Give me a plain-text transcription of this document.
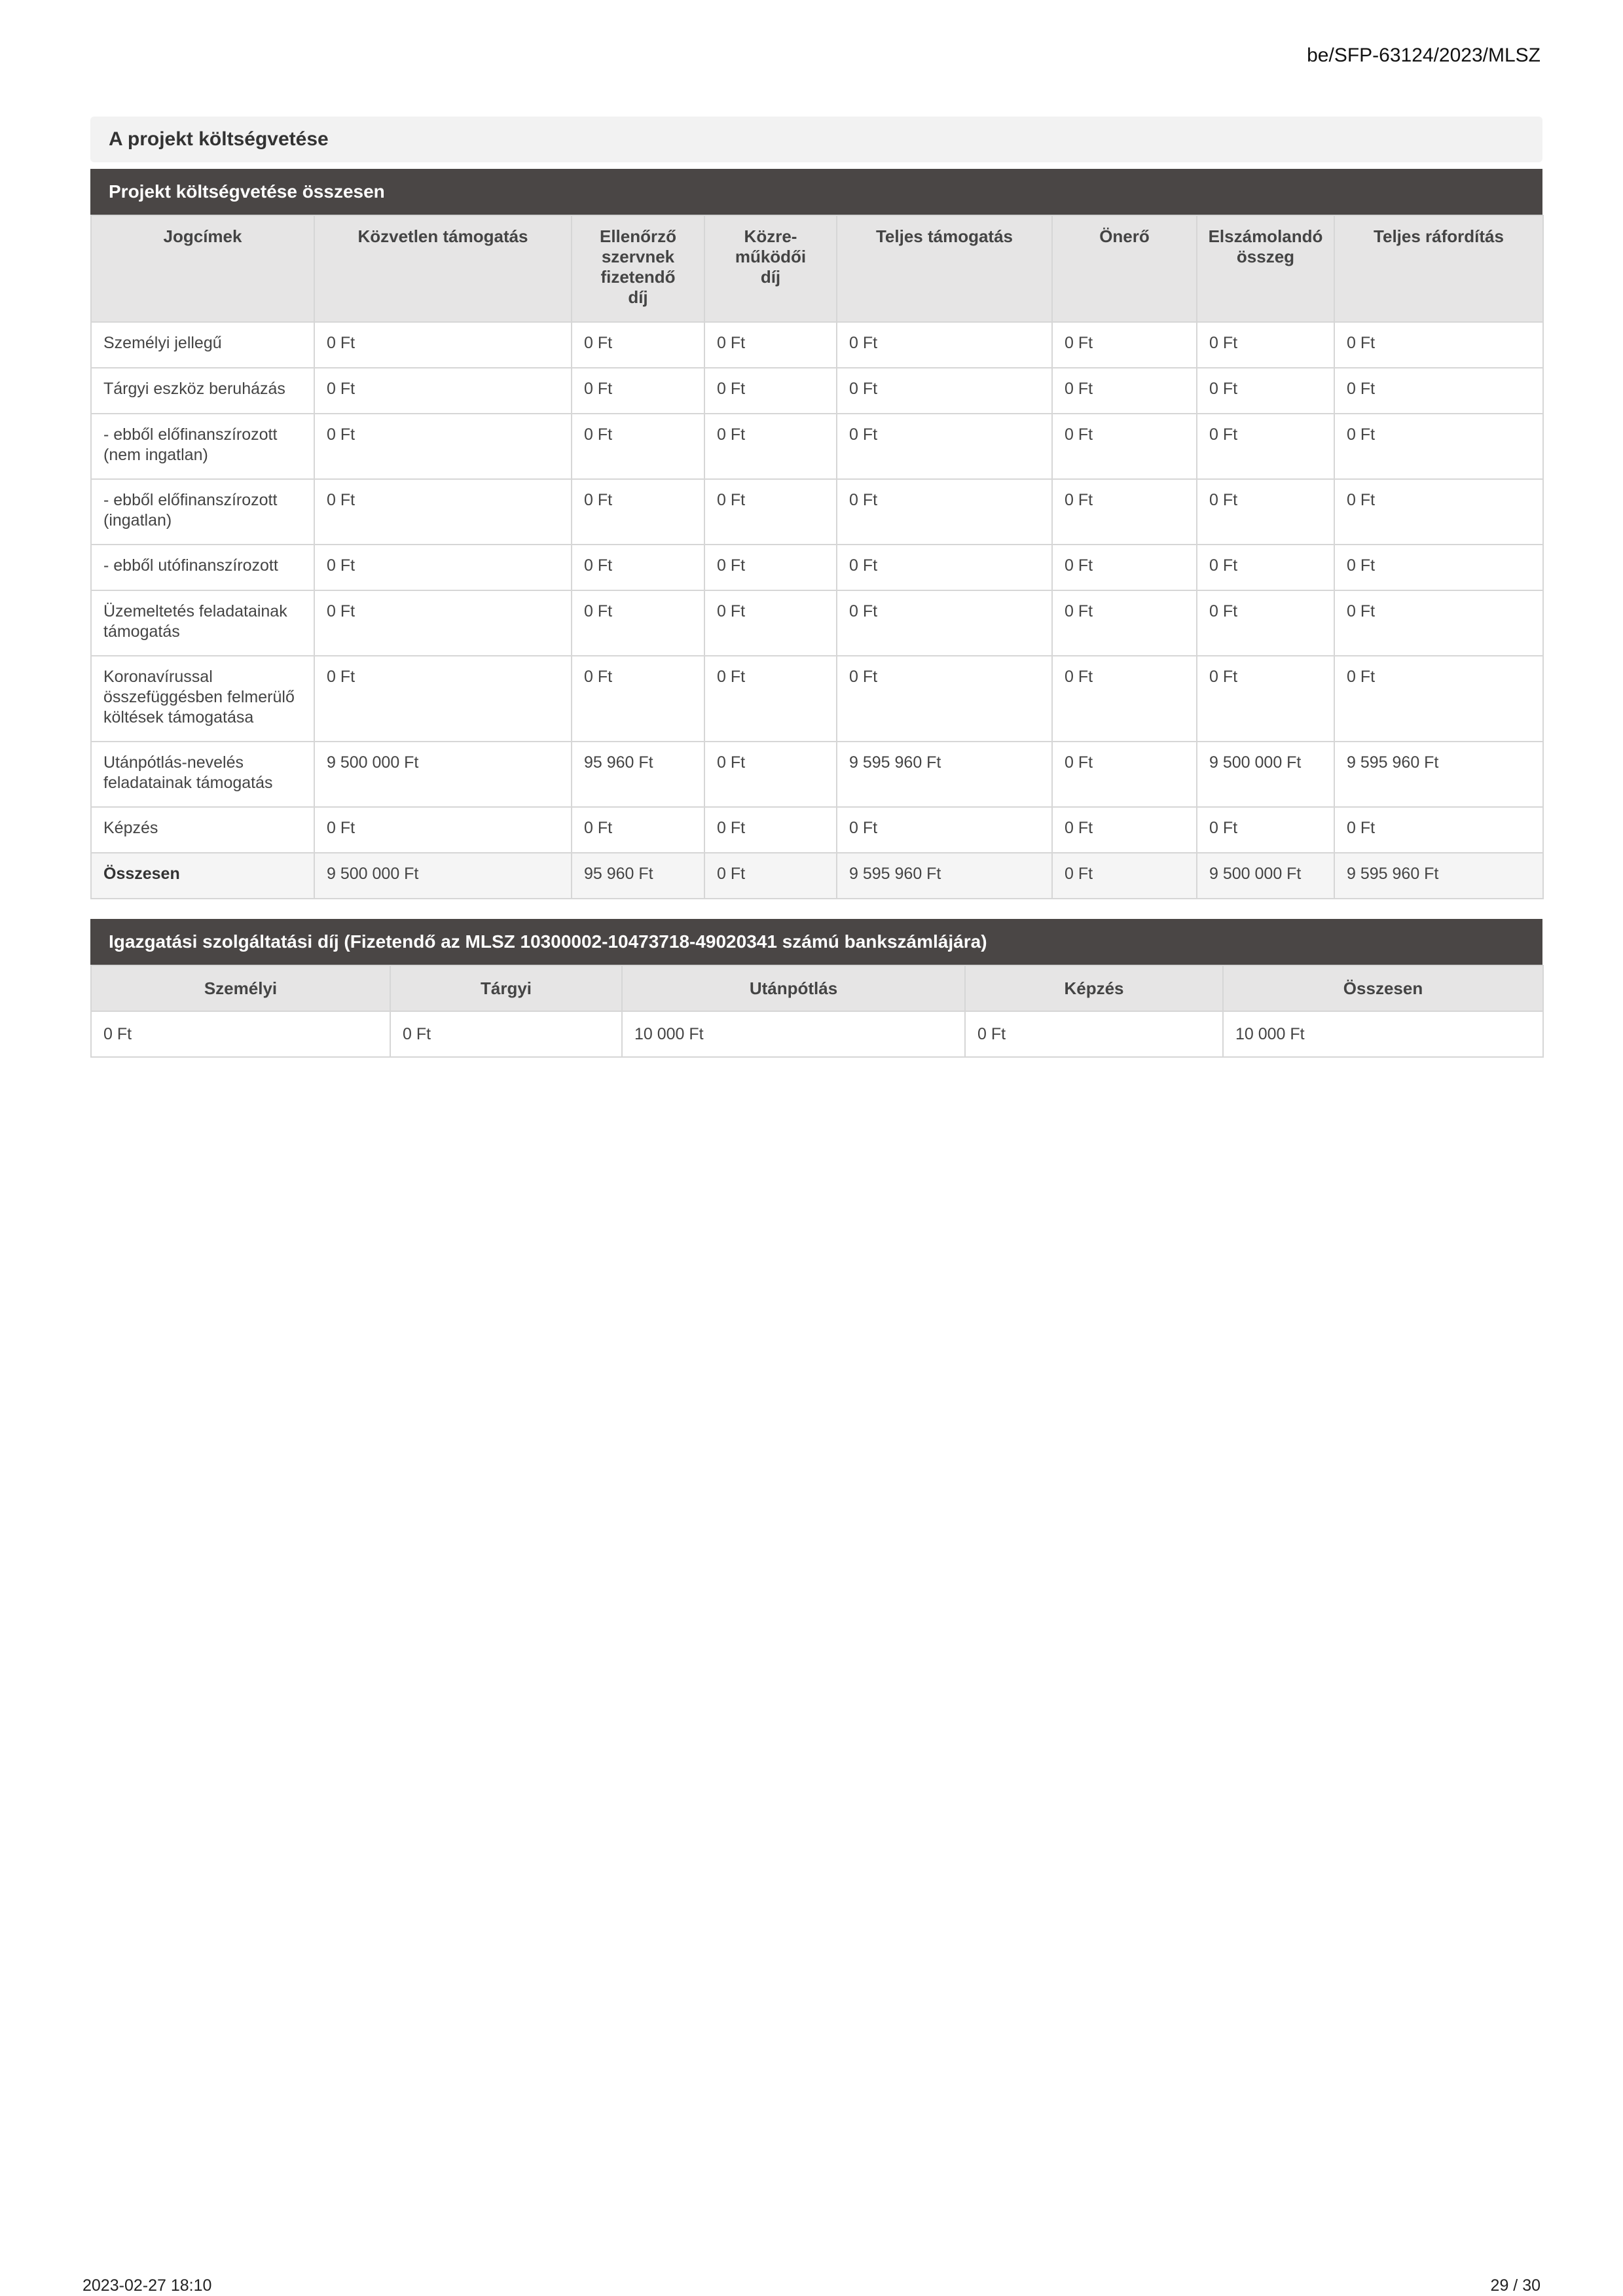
be/SFP-63124/2023/MLSZ
A projekt költségvetése
Projekt költségvetése összesen
Jogcímek	Közvetlen támogatás	Ellenőrző szervnek fizetendő díj	Közre-működői díj	Teljes támogatás	Önerő	Elszámolandó összeg	Teljes ráfordítás
Személyi jellegű	0 Ft	0 Ft	0 Ft	0 Ft	0 Ft	0 Ft	0 Ft
Tárgyi eszköz beruházás	0 Ft	0 Ft	0 Ft	0 Ft	0 Ft	0 Ft	0 Ft
- ebből előfinanszírozott (nem ingatlan)	0 Ft	0 Ft	0 Ft	0 Ft	0 Ft	0 Ft	0 Ft
- ebből előfinanszírozott (ingatlan)	0 Ft	0 Ft	0 Ft	0 Ft	0 Ft	0 Ft	0 Ft
- ebből utófinanszírozott	0 Ft	0 Ft	0 Ft	0 Ft	0 Ft	0 Ft	0 Ft
Üzemeltetés feladatainak támogatás	0 Ft	0 Ft	0 Ft	0 Ft	0 Ft	0 Ft	0 Ft
Koronavírussal összefüggésben felmerülő költések támogatása	0 Ft	0 Ft	0 Ft	0 Ft	0 Ft	0 Ft	0 Ft
Utánpótlás-nevelés feladatainak támogatás	9 500 000 Ft	95 960 Ft	0 Ft	9 595 960 Ft	0 Ft	9 500 000 Ft	9 595 960 Ft
Képzés	0 Ft	0 Ft	0 Ft	0 Ft	0 Ft	0 Ft	0 Ft
Összesen	9 500 000 Ft	95 960 Ft	0 Ft	9 595 960 Ft	0 Ft	9 500 000 Ft	9 595 960 Ft
Igazgatási szolgáltatási díj (Fizetendő az MLSZ 10300002-10473718-49020341 számú bankszámlájára)
Személyi	Tárgyi	Utánpótlás	Képzés	Összesen
0 Ft	0 Ft	10 000 Ft	0 Ft	10 000 Ft
2023-02-27 18:10	29 / 30
